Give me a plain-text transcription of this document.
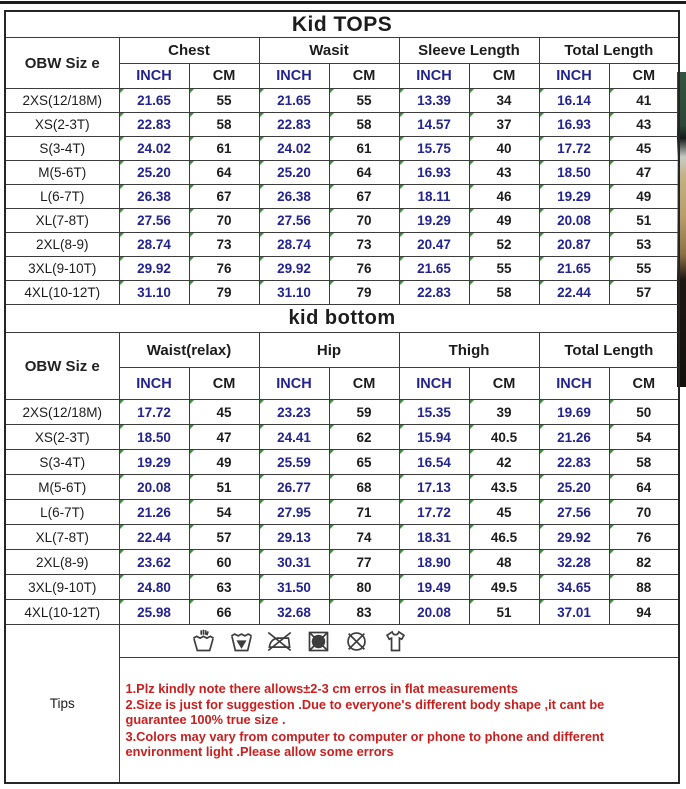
Kid TOPS								
OBW Siz e	Chest		Wasit		Sleeve Length		Total Length	
	INCH	CM	INCH	CM	INCH	CM	INCH	CM
2XS(12/18M)	21.65	55	21.65	55	13.39	34	16.14	41
XS(2-3T)	22.83	58	22.83	58	14.57	37	16.93	43
S(3-4T)	24.02	61	24.02	61	15.75	40	17.72	45
M(5-6T)	25.20	64	25.20	64	16.93	43	18.50	47
L(6-7T)	26.38	67	26.38	67	18.11	46	19.29	49
XL(7-8T)	27.56	70	27.56	70	19.29	49	20.08	51
2XL(8-9)	28.74	73	28.74	73	20.47	52	20.87	53
3XL(9-10T)	29.92	76	29.92	76	21.65	55	21.65	55
4XL(10-12T)	31.10	79	31.10	79	22.83	58	22.44	57
kid bottom								
OBW Siz e	Waist(relax)		Hip		Thigh		Total Length	
	INCH	CM	INCH	CM	INCH	CM	INCH	CM
2XS(12/18M)	17.72	45	23.23	59	15.35	39	19.69	50
XS(2-3T)	18.50	47	24.41	62	15.94	40.5	21.26	54
S(3-4T)	19.29	49	25.59	65	16.54	42	22.83	58
M(5-6T)	20.08	51	26.77	68	17.13	43.5	25.20	64
L(6-7T)	21.26	54	27.95	71	17.72	45	27.56	70
XL(7-8T)	22.44	57	29.13	74	18.31	46.5	29.92	76
2XL(8-9)	23.62	60	30.31	77	18.90	48	32.28	82
3XL(9-10T)	24.80	63	31.50	80	19.49	49.5	34.65	88
4XL(10-12T)	25.98	66	32.68	83	20.08	51	37.01	94
Tips	

	1.Plz kindly note there allows±2-3 cm erros in flat measurements
2.Size is just for suggestion .Due to everyone's different body shape ,it cant be guarantee 100% true size .
3.Colors may vary from computer to computer or phone to phone and different environment light .Please allow some errors							
